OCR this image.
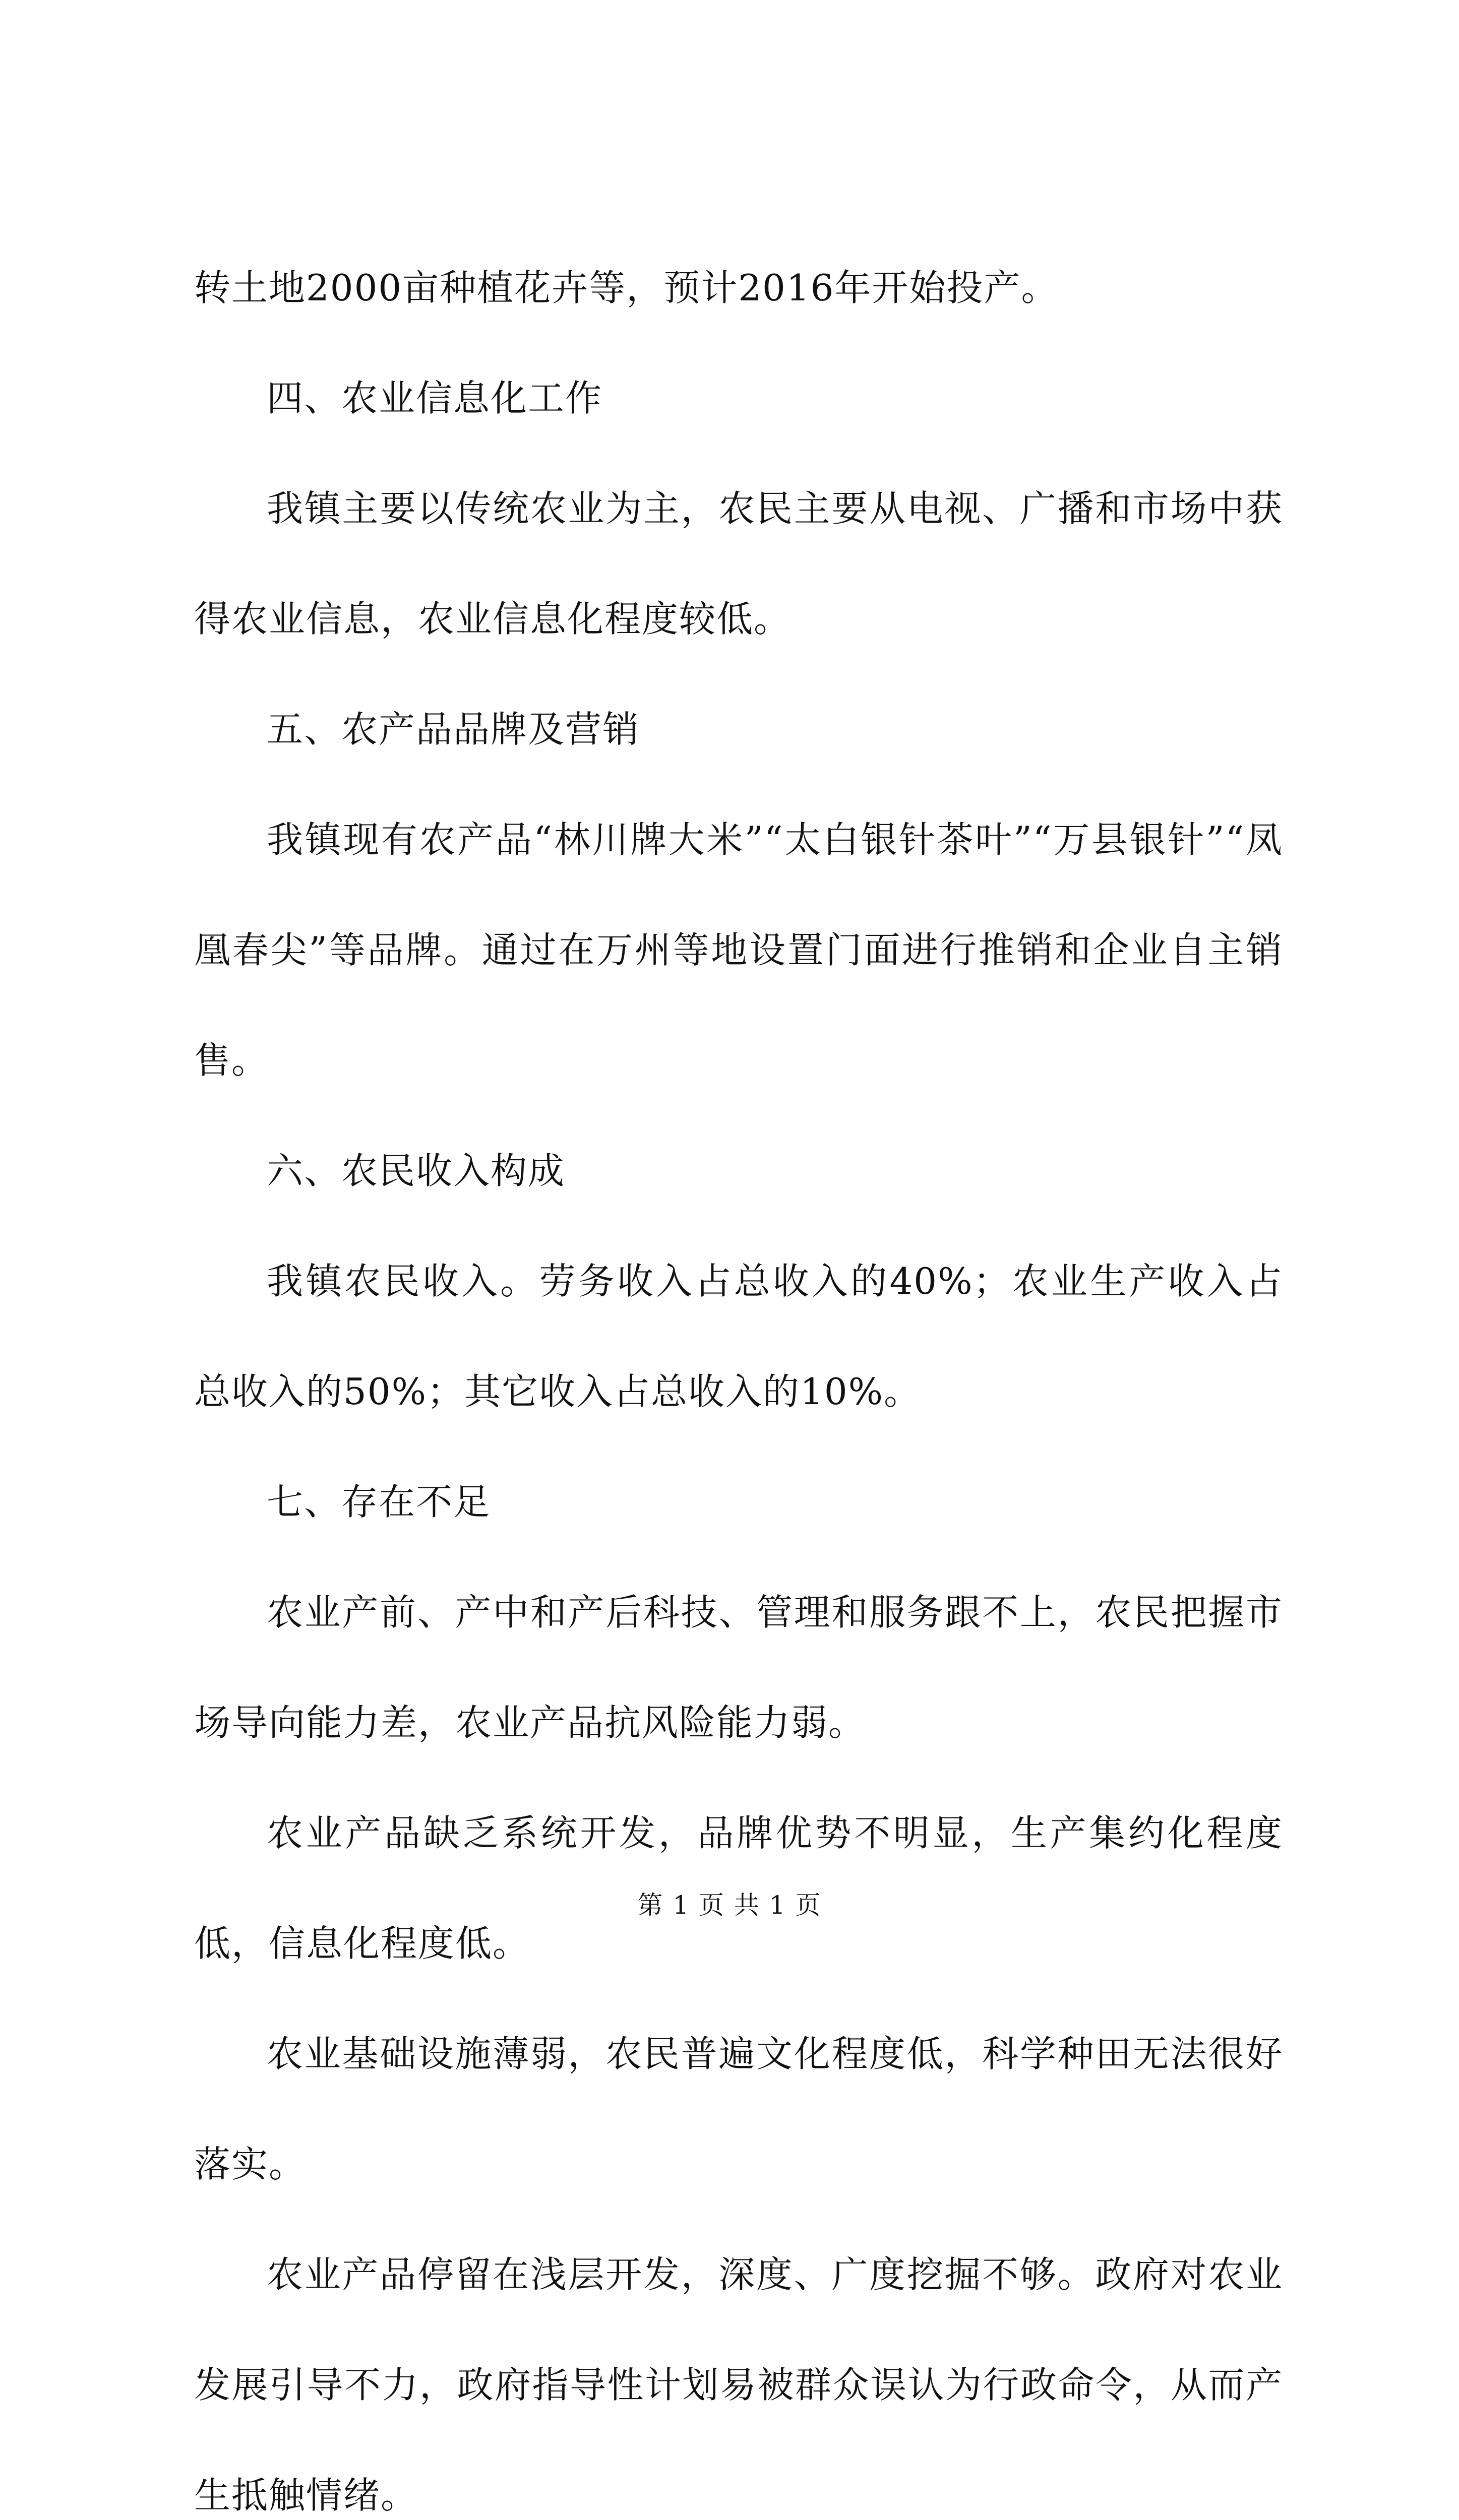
转土地2000亩种植花卉等，预计2016年开始投产。

四、农业信息化工作

我镇主要以传统农业为主，农民主要从电视、广播和市场中获得农业信息，农业信息化程度较低。

五、农产品品牌及营销

我镇现有农产品“林川牌大米”“太白银针茶叶”“万县银针”“凤凰春尖”等品牌。通过在万州等地设置门面进行推销和企业自主销售。

六、农民收入构成

我镇农民收入。劳务收入占总收入的40%；农业生产收入占总收入的50%；其它收入占总收入的10%。

七、存在不足

农业产前、产中和产后科技、管理和服务跟不上，农民把握市场导向能力差，农业产品抗风险能力弱。

农业产品缺乏系统开发，品牌优势不明显，生产集约化程度低，信息化程度低。

农业基础设施薄弱，农民普遍文化程度低，科学种田无法很好落实。

农业产品停留在浅层开发，深度、广度挖掘不够。政府对农业发展引导不力，政府指导性计划易被群众误认为行政命令，从而产生抵触情绪。

第 1 页 共 1 页
